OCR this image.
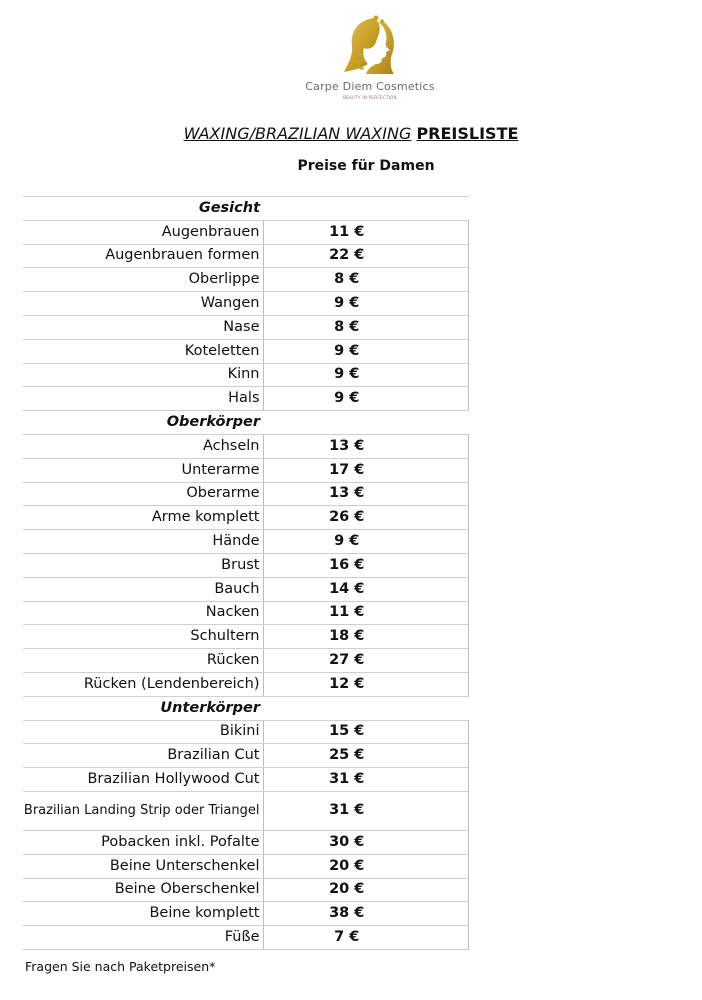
Carpe Diem Cosmetics
BEAUTY IN PERFECTION
WAXING/BRAZILIAN WAXING PREISLISTE
Preise für Damen
Gesicht	
Augenbrauen	11 €
Augenbrauen formen	22 €
Oberlippe	8 €
Wangen	9 €
Nase	8 €
Koteletten	9 €
Kinn	9 €
Hals	9 €
Oberkörper	
Achseln	13 €
Unterarme	17 €
Oberarme	13 €
Arme komplett	26 €
Hände	9 €
Brust	16 €
Bauch	14 €
Nacken	11 €
Schultern	18 €
Rücken	27 €
Rücken (Lendenbereich)	12 €
Unterkörper	
Bikini	15 €
Brazilian Cut	25 €
Brazilian Hollywood Cut	31 €
Brazilian Landing Strip oder Triangel	31 €
Pobacken inkl. Pofalte	30 €
Beine Unterschenkel	20 €
Beine Oberschenkel	20 €
Beine komplett	38 €
Füße	7 €
Fragen Sie nach Paketpreisen*
